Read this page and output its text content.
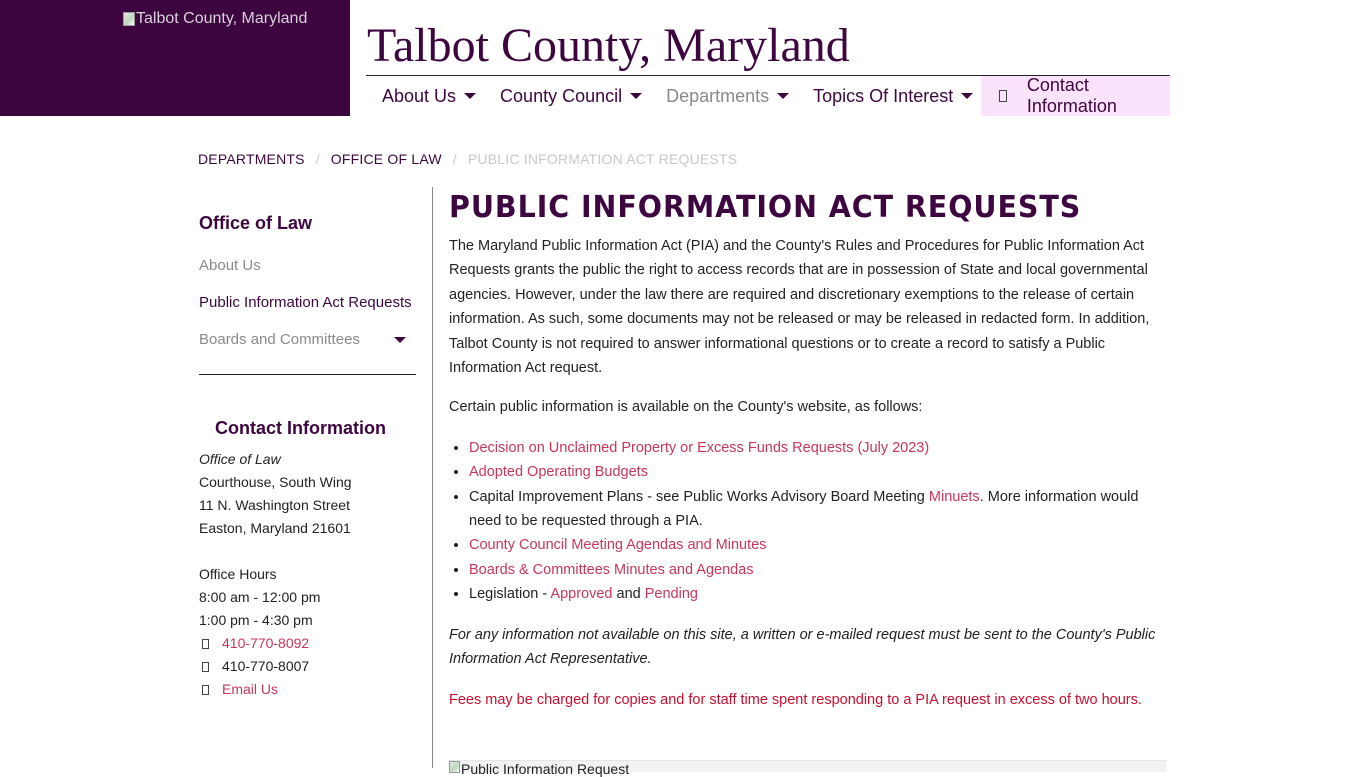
Talbot County, Maryland
Talbot County, Maryland
About Us County Council Departments Topics Of Interest
Contact Information
DEPARTMENTS / OFFICE OF LAW / PUBLIC INFORMATION ACT REQUESTS
Office of Law
About Us
Public Information Act Requests
Boards and Committees
Contact Information
Office of Law
Courthouse, South Wing
11 N. Washington Street
Easton, Maryland 21601
Office Hours
8:00 am - 12:00 pm
1:00 pm - 4:30 pm
410-770-8092
410-770-8007
Email Us
PUBLIC INFORMATION ACT REQUESTS

The Maryland Public Information Act (PIA) and the County's Rules and Procedures for Public Information Act Requests grants the public the right to access records that are in possession of State and local governmental agencies. However, under the law there are required and discretionary exemptions to the release of certain information. As such, some documents may not be released or may be released in redacted form. In addition, Talbot County is not required to answer informational questions or to create a record to satisfy a Public Information Act request.

Certain public information is available on the County's website, as follows:

• Decision on Unclaimed Property or Excess Funds Requests (July 2023)
• Adopted Operating Budgets
• Capital Improvement Plans - see Public Works Advisory Board Meeting Minuets. More information would need to be requested through a PIA.
• County Council Meeting Agendas and Minutes
• Boards & Committees Minutes and Agendas
• Legislation - Approved and Pending

For any information not available on this site, a written or e-mailed request must be sent to the County's Public Information Act Representative.

Fees may be charged for copies and for staff time spent responding to a PIA request in excess of two hours.

Public Information Request
